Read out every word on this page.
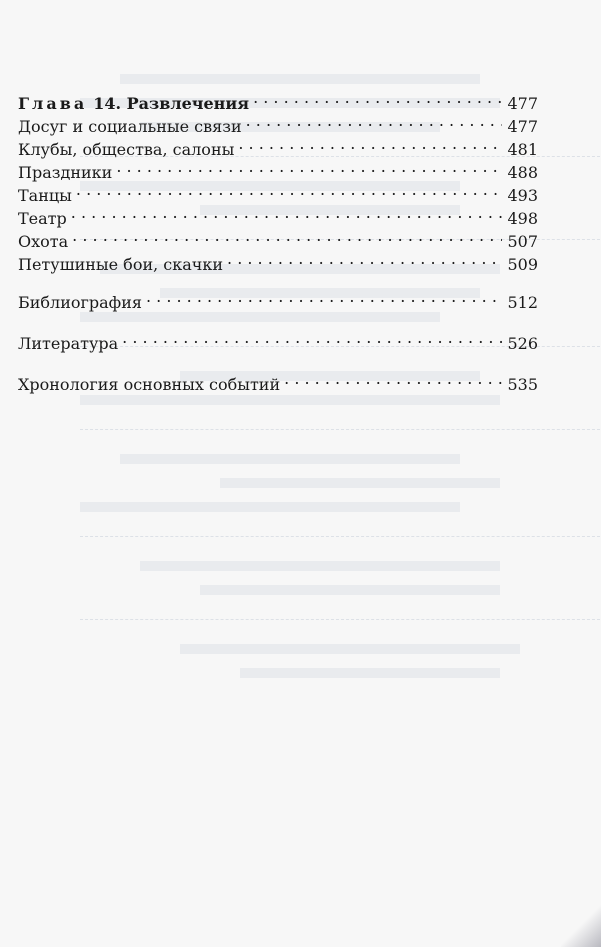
Глава 14. Развлечения . . .	477
Досуг и социальные связи . . .	477
Клубы, общества, салоны . . .	481
Праздники . . .	488
Танцы . . .	493
Театр . . .	498
Охота . . .	507
Петушиные бои, скачки . . .	509
Библиография . . .	512
Литература . . .	526
Хронология основных событий . . .	535
